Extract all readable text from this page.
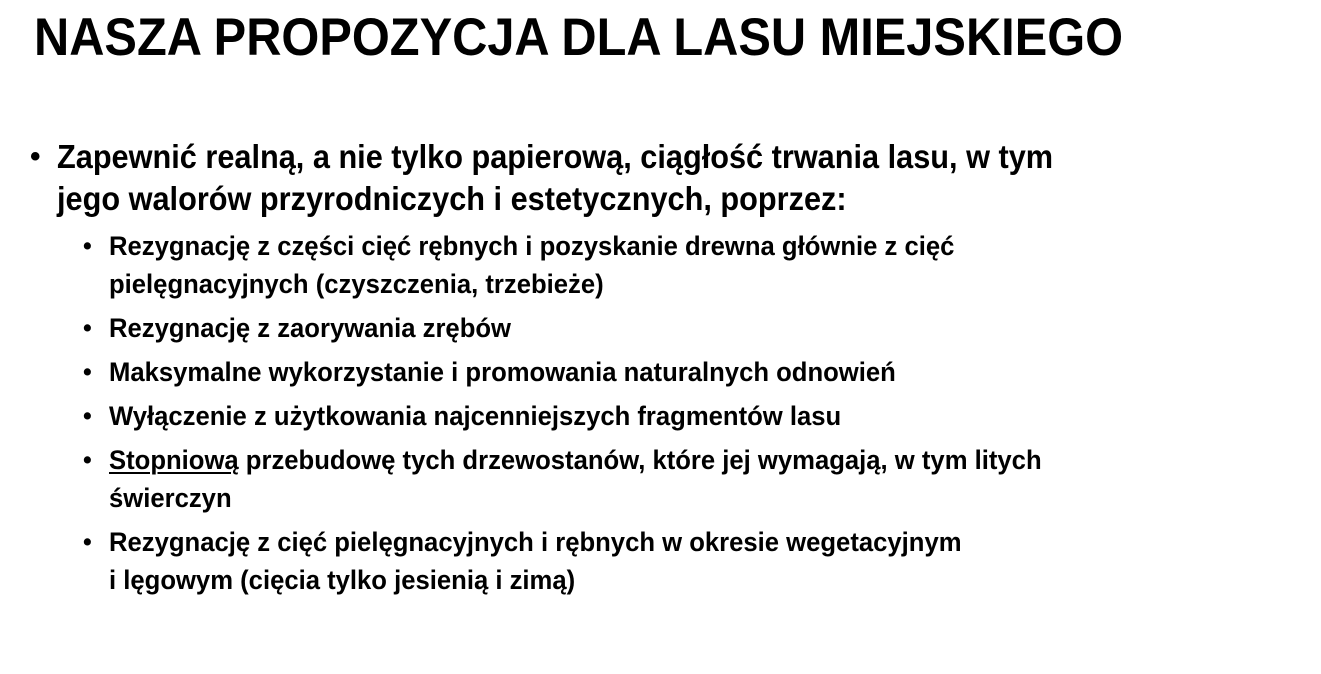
NASZA PROPOZYCJA DLA LASU MIEJSKIEGO
• Zapewnić realną, a nie tylko papierową, ciągłość trwania lasu, w tym
jego walorów przyrodniczych i estetycznych, poprzez:
• Rezygnację z części cięć rębnych i pozyskanie drewna głównie z cięć
pielęgnacyjnych (czyszczenia, trzebieże)
• Rezygnację z zaorywania zrębów
• Maksymalne wykorzystanie i promowania naturalnych odnowień
• Wyłączenie z użytkowania najcenniejszych fragmentów lasu
• Stopniową przebudowę tych drzewostanów, które jej wymagają, w tym litych
świerczyn
• Rezygnację z cięć pielęgnacyjnych i rębnych w okresie wegetacyjnym
i lęgowym (cięcia tylko jesienią i zimą)
